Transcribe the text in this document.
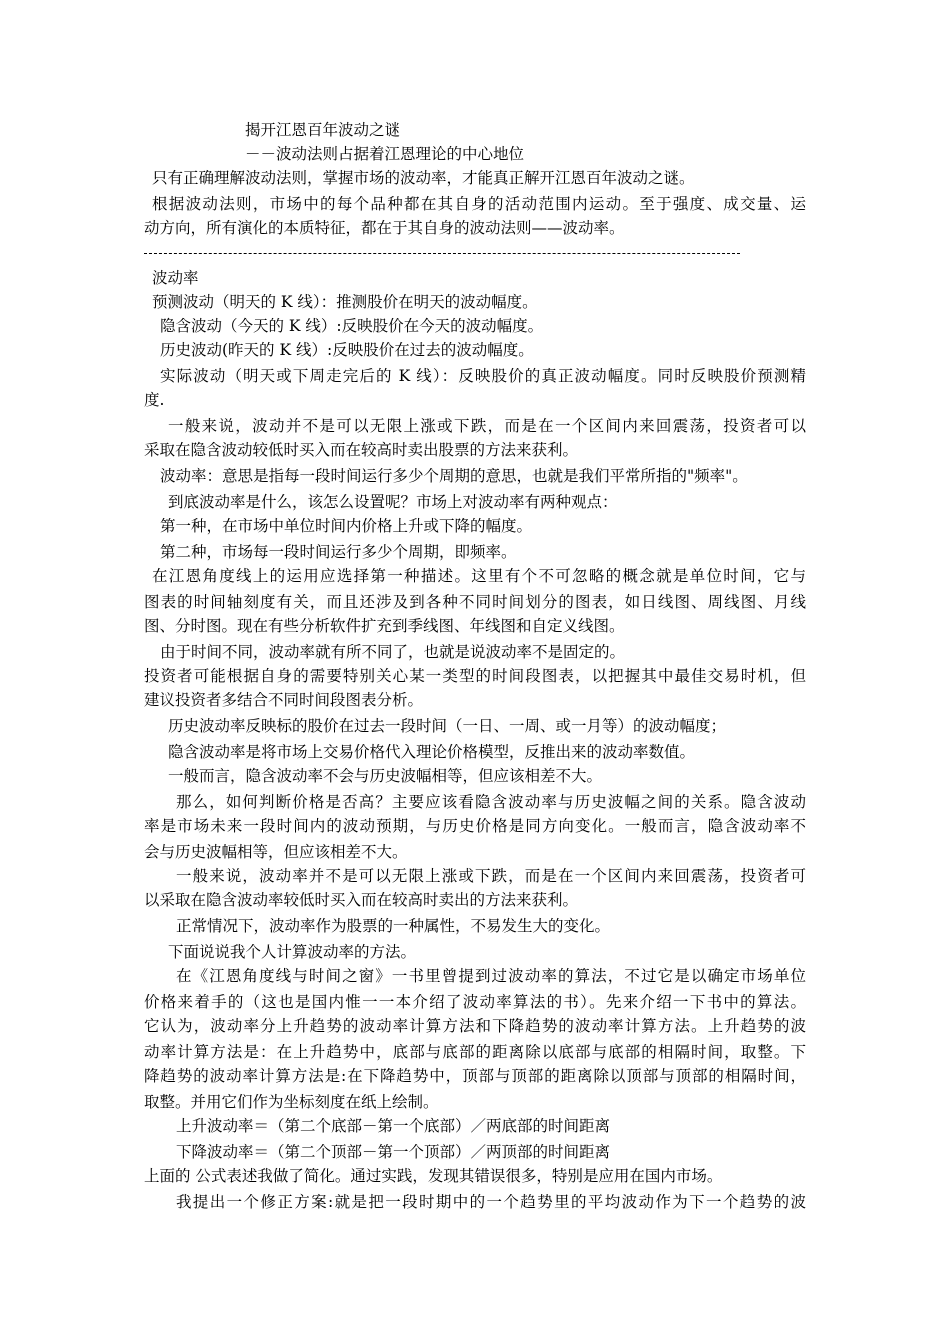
揭开江恩百年波动之谜

－－波动法则占据着江恩理论的中心地位

只有正确理解波动法则，掌握市场的波动率，才能真正解开江恩百年波动之谜。

根据波动法则，市场中的每个品种都在其自身的活动范围内运动。至于强度、成交量、运

动方向，所有演化的本质特征，都在于其自身的波动法则——波动率。

波动率

预测波动（明天的 K 线）：推测股价在明天的波动幅度。

隐含波动（今天的 K 线）:反映股价在今天的波动幅度。

历史波动(昨天的 K 线）:反映股价在过去的波动幅度。

实际波动（明天或下周走完后的 K 线）：反映股价的真正波动幅度。同时反映股价预测精

度.

一般来说，波动并不是可以无限上涨或下跌，而是在一个区间内来回震荡，投资者可以

采取在隐含波动较低时买入而在较高时卖出股票的方法来获利。

波动率：意思是指每一段时间运行多少个周期的意思，也就是我们平常所指的"频率"。

到底波动率是什么，该怎么设置呢？市场上对波动率有两种观点：

第一种，在市场中单位时间内价格上升或下降的幅度。

第二种，市场每一段时间运行多少个周期，即频率。

在江恩角度线上的运用应选择第一种描述。这里有个不可忽略的概念就是单位时间，它与

图表的时间轴刻度有关，而且还涉及到各种不同时间划分的图表，如日线图、周线图、月线

图、分时图。现在有些分析软件扩充到季线图、年线图和自定义线图。

由于时间不同，波动率就有所不同了，也就是说波动率不是固定的。

投资者可能根据自身的需要特别关心某一类型的时间段图表，以把握其中最佳交易时机，但

建议投资者多结合不同时间段图表分析。

历史波动率反映标的股价在过去一段时间（一日、一周、或一月等）的波动幅度；

隐含波动率是将市场上交易价格代入理论价格模型，反推出来的波动率数值。

一般而言，隐含波动率不会与历史波幅相等，但应该相差不大。

那么，如何判断价格是否高？主要应该看隐含波动率与历史波幅之间的关系。隐含波动

率是市场未来一段时间内的波动预期，与历史价格是同方向变化。一般而言，隐含波动率不

会与历史波幅相等，但应该相差不大。

一般来说，波动率并不是可以无限上涨或下跌，而是在一个区间内来回震荡，投资者可

以采取在隐含波动率较低时买入而在较高时卖出的方法来获利。

正常情况下，波动率作为股票的一种属性，不易发生大的变化。

下面说说我个人计算波动率的方法。

在《江恩角度线与时间之窗》一书里曾提到过波动率的算法，不过它是以确定市场单位

价格来着手的（这也是国内惟一一本介绍了波动率算法的书）。先来介绍一下书中的算法。

它认为，波动率分上升趋势的波动率计算方法和下降趋势的波动率计算方法。上升趋势的波

动率计算方法是：在上升趋势中，底部与底部的距离除以底部与底部的相隔时间，取整。下

降趋势的波动率计算方法是:在下降趋势中，顶部与顶部的距离除以顶部与顶部的相隔时间，

取整。并用它们作为坐标刻度在纸上绘制。

上升波动率＝（第二个底部－第一个底部）／两底部的时间距离

下降波动率＝（第二个顶部－第一个顶部）／两顶部的时间距离

上面的 公式表述我做了简化。通过实践，发现其错误很多，特别是应用在国内市场。

我提出一个修正方案:就是把一段时期中的一个趋势里的平均波动作为下一个趋势的波
